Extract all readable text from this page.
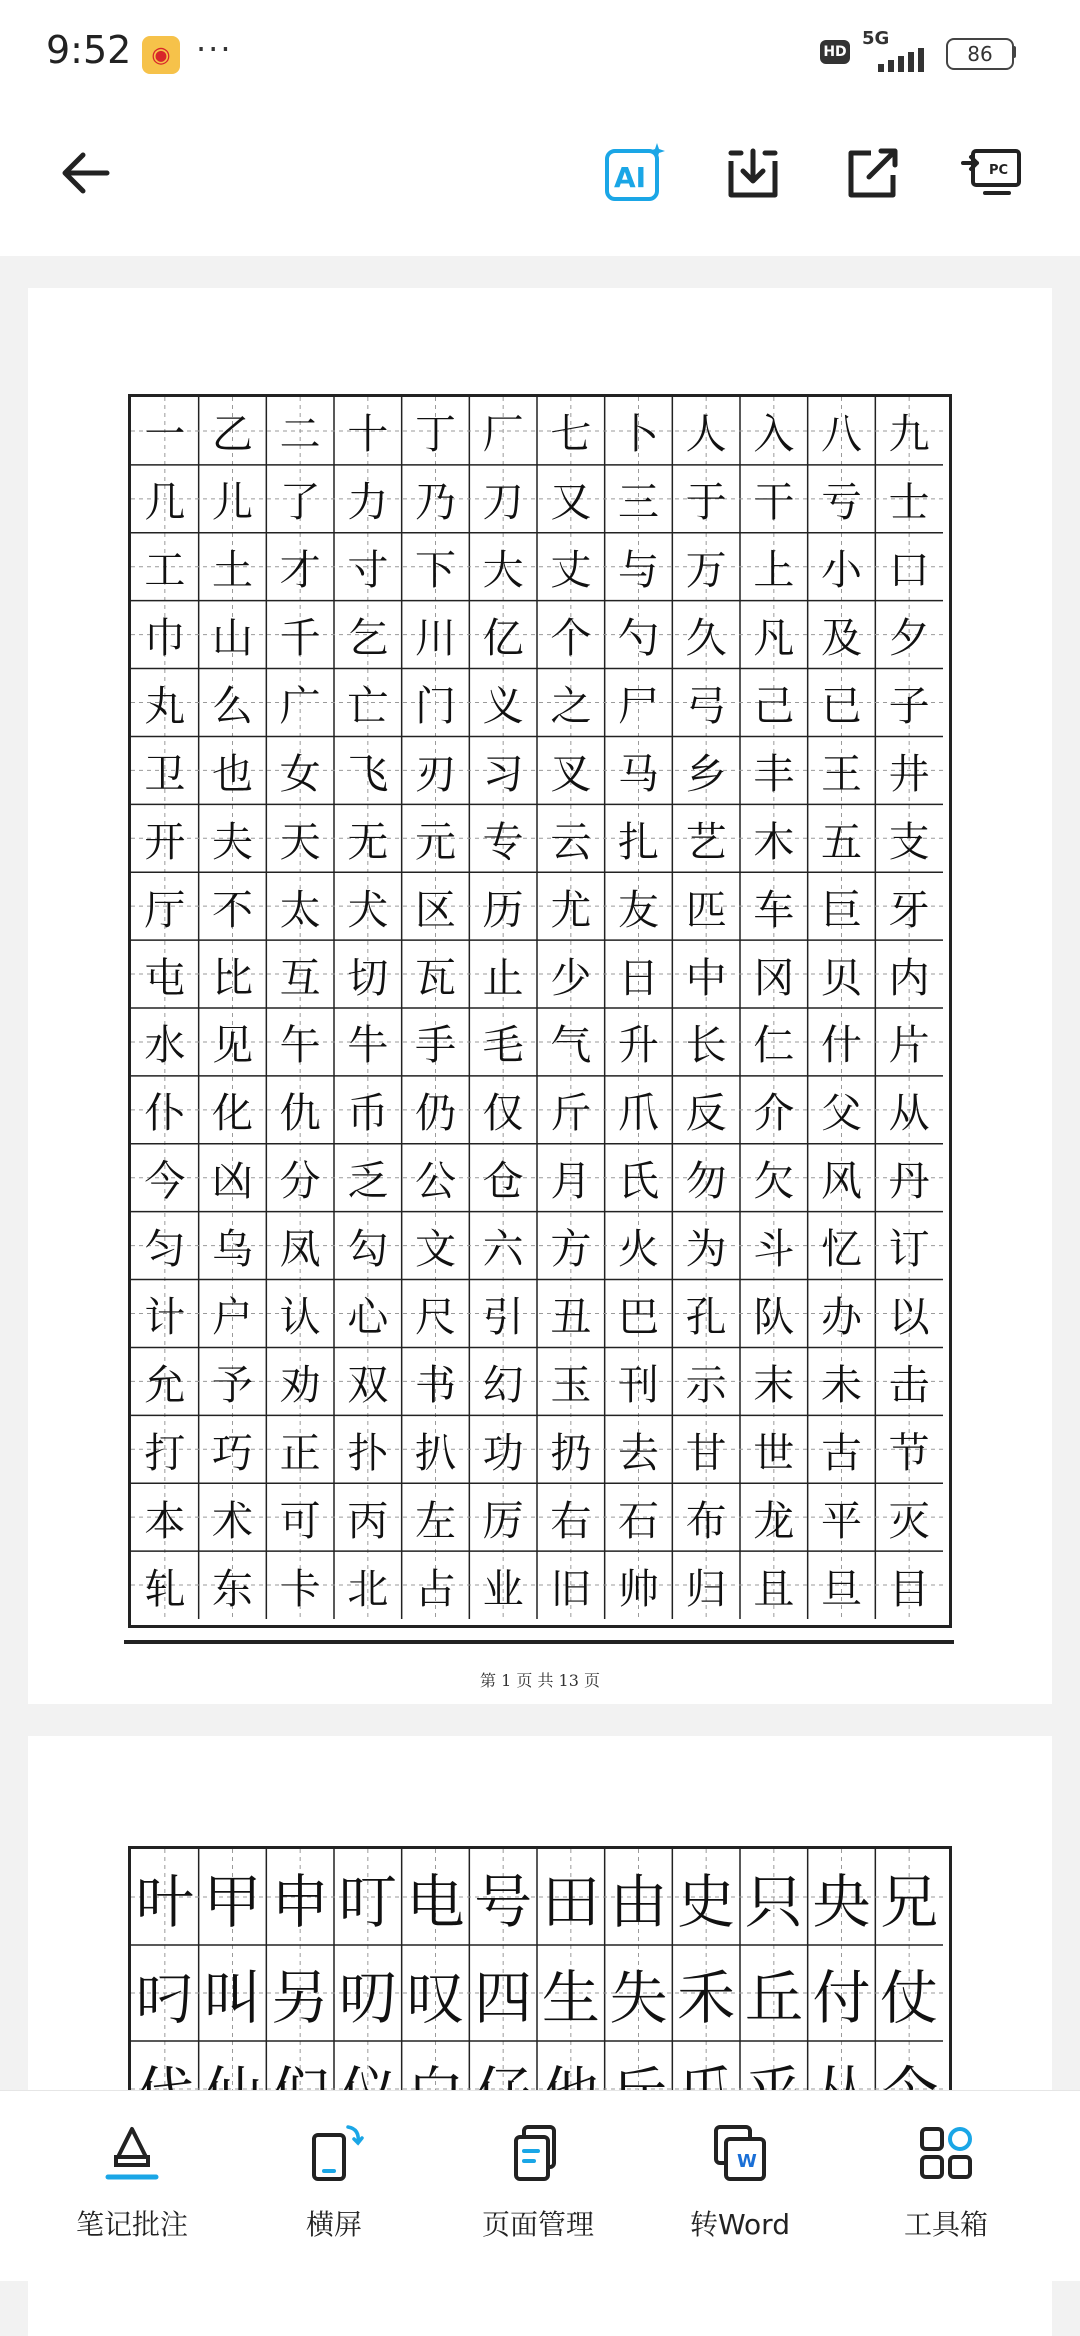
9:52 ◉ ···	HD
5G
86
AI	PC
一 乙 二 十 丁 厂 七 卜 人 入 八 九
几 儿 了 力 乃 刀 又 三 于 干 亏 士
工 土 才 寸 下 大 丈 与 万 上 小 口
巾 山 千 乞 川 亿 个 勺 久 凡 及 夕
丸 么 广 亡 门 义 之 尸 弓 己 已 子
卫 也 女 飞 刃 习 叉 马 乡 丰 王 井
开 夫 天 无 元 专 云 扎 艺 木 五 支
厅 不 太 犬 区 历 尤 友 匹 车 巨 牙
屯 比 互 切 瓦 止 少 日 中 冈 贝 内
水 见 午 牛 手 毛 气 升 长 仁 什 片
仆 化 仇 币 仍 仅 斤 爪 反 介 父 从
今 凶 分 乏 公 仓 月 氏 勿 欠 风 丹
匀 乌 凤 勾 文 六 方 火 为 斗 忆 订
计 户 认 心 尺 引 丑 巴 孔 队 办 以
允 予 劝 双 书 幻 玉 刊 示 末 未 击
打 巧 正 扑 扒 功 扔 去 甘 世 古 节
本 术 可 丙 左 厉 右 石 布 龙 平 灭
轧 东 卡 北 占 业 旧 帅 归 且 旦 目
第 1 页 共 13 页
叶 甲 申 叮 电 号 田 由 史 只 央 兄
叼 叫 另 叨 叹 四 生 失 禾 丘 付 仗
笔记批注	横屏	页面管理
W
转Word	工具箱
